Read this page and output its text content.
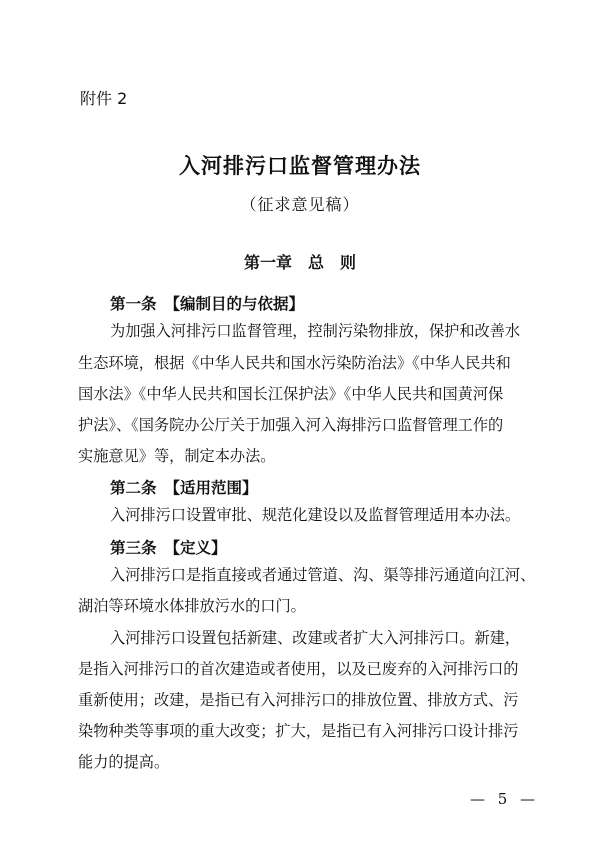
附件 2
入河排污口监督管理办法
（征求意见稿）
第一章　总　则
第一条 【编制目的与依据】
为加强入河排污口监督管理，控制污染物排放，保护和改善水
生态环境，根据《中华人民共和国水污染防治法》《中华人民共和
国水法》《中华人民共和国长江保护法》《中华人民共和国黄河保
护法》、《国务院办公厅关于加强入河入海排污口监督管理工作的
实施意见》等，制定本办法。
第二条 【适用范围】
入河排污口设置审批、规范化建设以及监督管理适用本办法。
第三条 【定义】
入河排污口是指直接或者通过管道、沟、渠等排污通道向江河、
湖泊等环境水体排放污水的口门。
入河排污口设置包括新建、改建或者扩大入河排污口。新建，
是指入河排污口的首次建造或者使用，以及已废弃的入河排污口的
重新使用；改建，是指已有入河排污口的排放位置、排放方式、污
染物种类等事项的重大改变；扩大，是指已有入河排污口设计排污
能力的提高。
— 5 —
